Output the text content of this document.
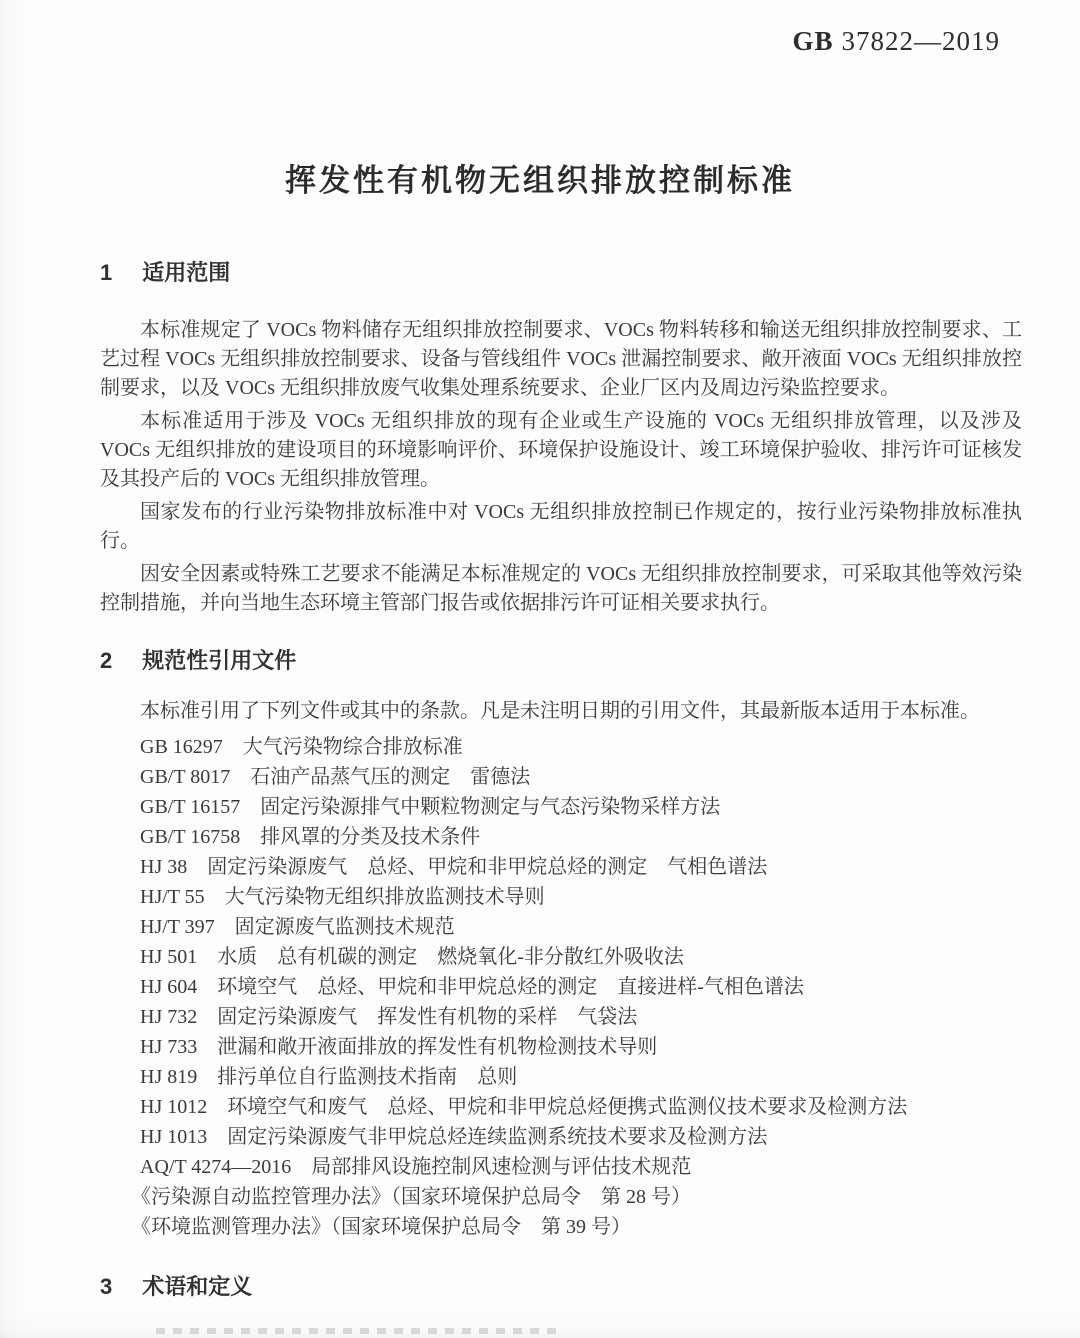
GB 37822—2019
挥发性有机物无组织排放控制标准
1 适用范围

本标准规定了 VOCs 物料储存无组织排放控制要求、VOCs 物料转移和输送无组织排放控制要求、工艺过程 VOCs 无组织排放控制要求、设备与管线组件 VOCs 泄漏控制要求、敞开液面 VOCs 无组织排放控制要求，以及 VOCs 无组织排放废气收集处理系统要求、企业厂区内及周边污染监控要求。

本标准适用于涉及 VOCs 无组织排放的现有企业或生产设施的 VOCs 无组织排放管理，以及涉及 VOCs 无组织排放的建设项目的环境影响评价、环境保护设施设计、竣工环境保护验收、排污许可证核发及其投产后的 VOCs 无组织排放管理。

国家发布的行业污染物排放标准中对 VOCs 无组织排放控制已作规定的，按行业污染物排放标准执行。

因安全因素或特殊工艺要求不能满足本标准规定的 VOCs 无组织排放控制要求，可采取其他等效污染控制措施，并向当地生态环境主管部门报告或依据排污许可证相关要求执行。

2 规范性引用文件

本标准引用了下列文件或其中的条款。凡是未注明日期的引用文件，其最新版本适用于本标准。

GB 16297　大气污染物综合排放标准
GB/T 8017　石油产品蒸气压的测定　雷德法
GB/T 16157　固定污染源排气中颗粒物测定与气态污染物采样方法
GB/T 16758　排风罩的分类及技术条件
HJ 38　固定污染源废气　总烃、甲烷和非甲烷总烃的测定　气相色谱法
HJ/T 55　大气污染物无组织排放监测技术导则
HJ/T 397　固定源废气监测技术规范
HJ 501　水质　总有机碳的测定　燃烧氧化-非分散红外吸收法
HJ 604　环境空气　总烃、甲烷和非甲烷总烃的测定　直接进样-气相色谱法
HJ 732　固定污染源废气　挥发性有机物的采样　气袋法
HJ 733　泄漏和敞开液面排放的挥发性有机物检测技术导则
HJ 819　排污单位自行监测技术指南　总则
HJ 1012　环境空气和废气　总烃、甲烷和非甲烷总烃便携式监测仪技术要求及检测方法
HJ 1013　固定污染源废气非甲烷总烃连续监测系统技术要求及检测方法
AQ/T 4274—2016　局部排风设施控制风速检测与评估技术规范
《污染源自动监控管理办法》（国家环境保护总局令　第 28 号）
《环境监测管理办法》（国家环境保护总局令　第 39 号）
3 术语和定义
